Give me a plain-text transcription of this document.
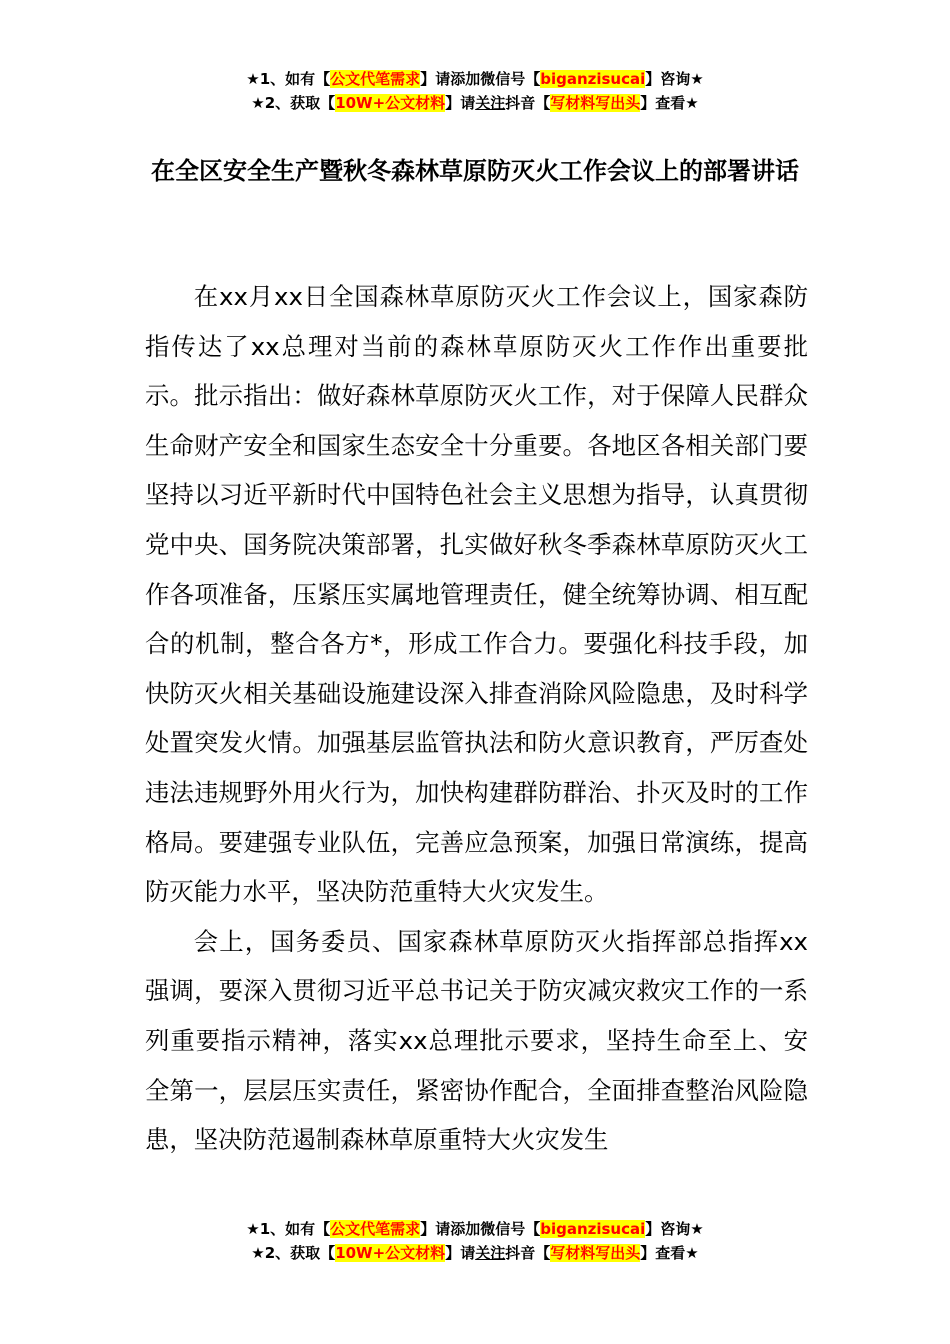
★1、如有【公文代笔需求】请添加微信号【biganzisucai】咨询★
★2、获取【10W+公文材料】请关注抖音【写材料写出头】查看★
在全区安全生产暨秋冬森林草原防灭火工作会议上的部署讲话

在xx月xx日全国森林草原防灭火工作会议上，国家森防指传达了xx总理对当前的森林草原防灭火工作作出重要批示。批示指出：做好森林草原防灭火工作，对于保障人民群众生命财产安全和国家生态安全十分重要。各地区各相关部门要坚持以习近平新时代中国特色社会主义思想为指导，认真贯彻党中央、国务院决策部署，扎实做好秋冬季森林草原防灭火工作各项准备，压紧压实属地管理责任，健全统筹协调、相互配合的机制，整合各方*，形成工作合力。要强化科技手段，加快防灭火相关基础设施建设深入排查消除风险隐患，及时科学处置突发火情。加强基层监管执法和防火意识教育，严厉查处违法违规野外用火行为，加快构建群防群治、扑灭及时的工作格局。要建强专业队伍，完善应急预案，加强日常演练，提高防灭能力水平，坚决防范重特大火灾发生。

会上，国务委员、国家森林草原防灭火指挥部总指挥xx强调，要深入贯彻习近平总书记关于防灾减灾救灾工作的一系列重要指示精神，落实xx总理批示要求，坚持生命至上、安全第一，层层压实责任，紧密协作配合，全面排查整治风险隐患，坚决防范遏制森林草原重特大火灾发生

★1、如有【公文代笔需求】请添加微信号【biganzisucai】咨询★
★2、获取【10W+公文材料】请关注抖音【写材料写出头】查看★
